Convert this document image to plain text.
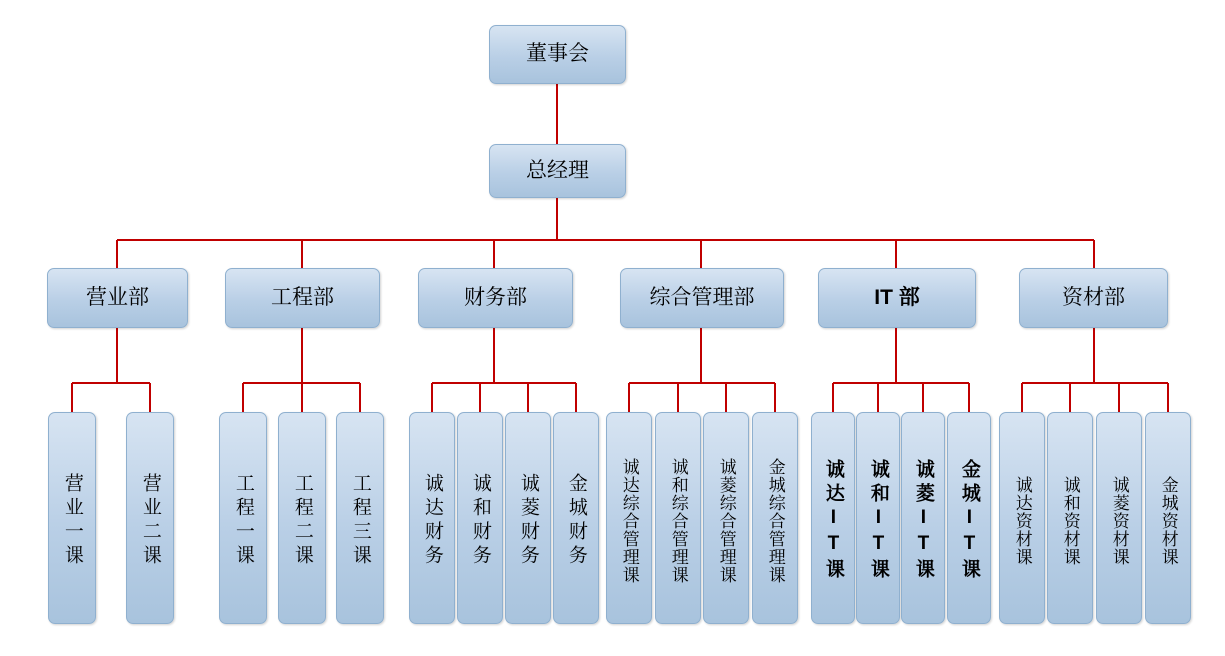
董事会
总经理
营业部	工程部	财务部	综合管理部	IT 部	资材部
营业一课	营业二课	工程一课 工程二课 工程三课	诚达财务 诚和财务 诚菱财务 金城财务 诚达综合管理课 诚和综合管理课 诚菱综合管理课 金城综合管理课 诚达IT课 诚和IT课 诚菱IT课 金城IT课 诚达资材课 诚和资材课 诚菱资材课 金城资材课
